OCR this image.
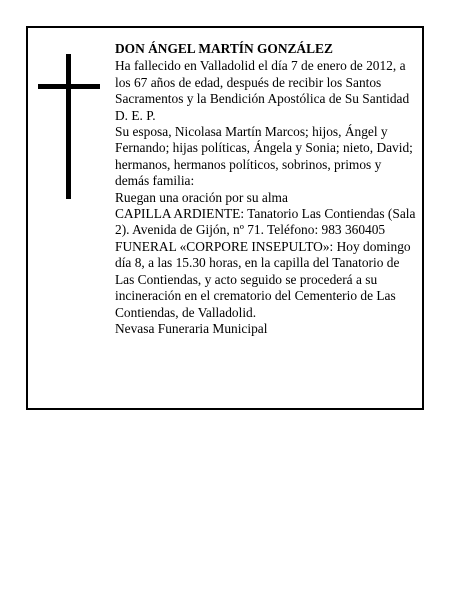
DON ÁNGEL MARTÍN GONZÁLEZ

Ha fallecido en Valladolid el día 7 de enero de 2012, a los 67 años de edad, después de recibir los Santos Sacramentos y la Bendición Apostólica de Su Santidad

D. E. P.

Su esposa, Nicolasa Martín Marcos; hijos, Ángel y Fernando; hijas políticas, Ángela y Sonia; nieto, David; hermanos, hermanos políticos, sobrinos, primos y demás familia:

Ruegan una oración por su alma

CAPILLA ARDIENTE: Tanatorio Las Contiendas (Sala 2). Avenida de Gijón, nº 71. Teléfono: 983 360405

FUNERAL «CORPORE INSEPULTO»: Hoy domingo día 8, a las 15.30 horas, en la capilla del Tanatorio de Las Contiendas, y acto seguido se procederá a su incineración en el crematorio del Cementerio de Las Contiendas, de Valladolid.

Nevasa Funeraria Municipal
